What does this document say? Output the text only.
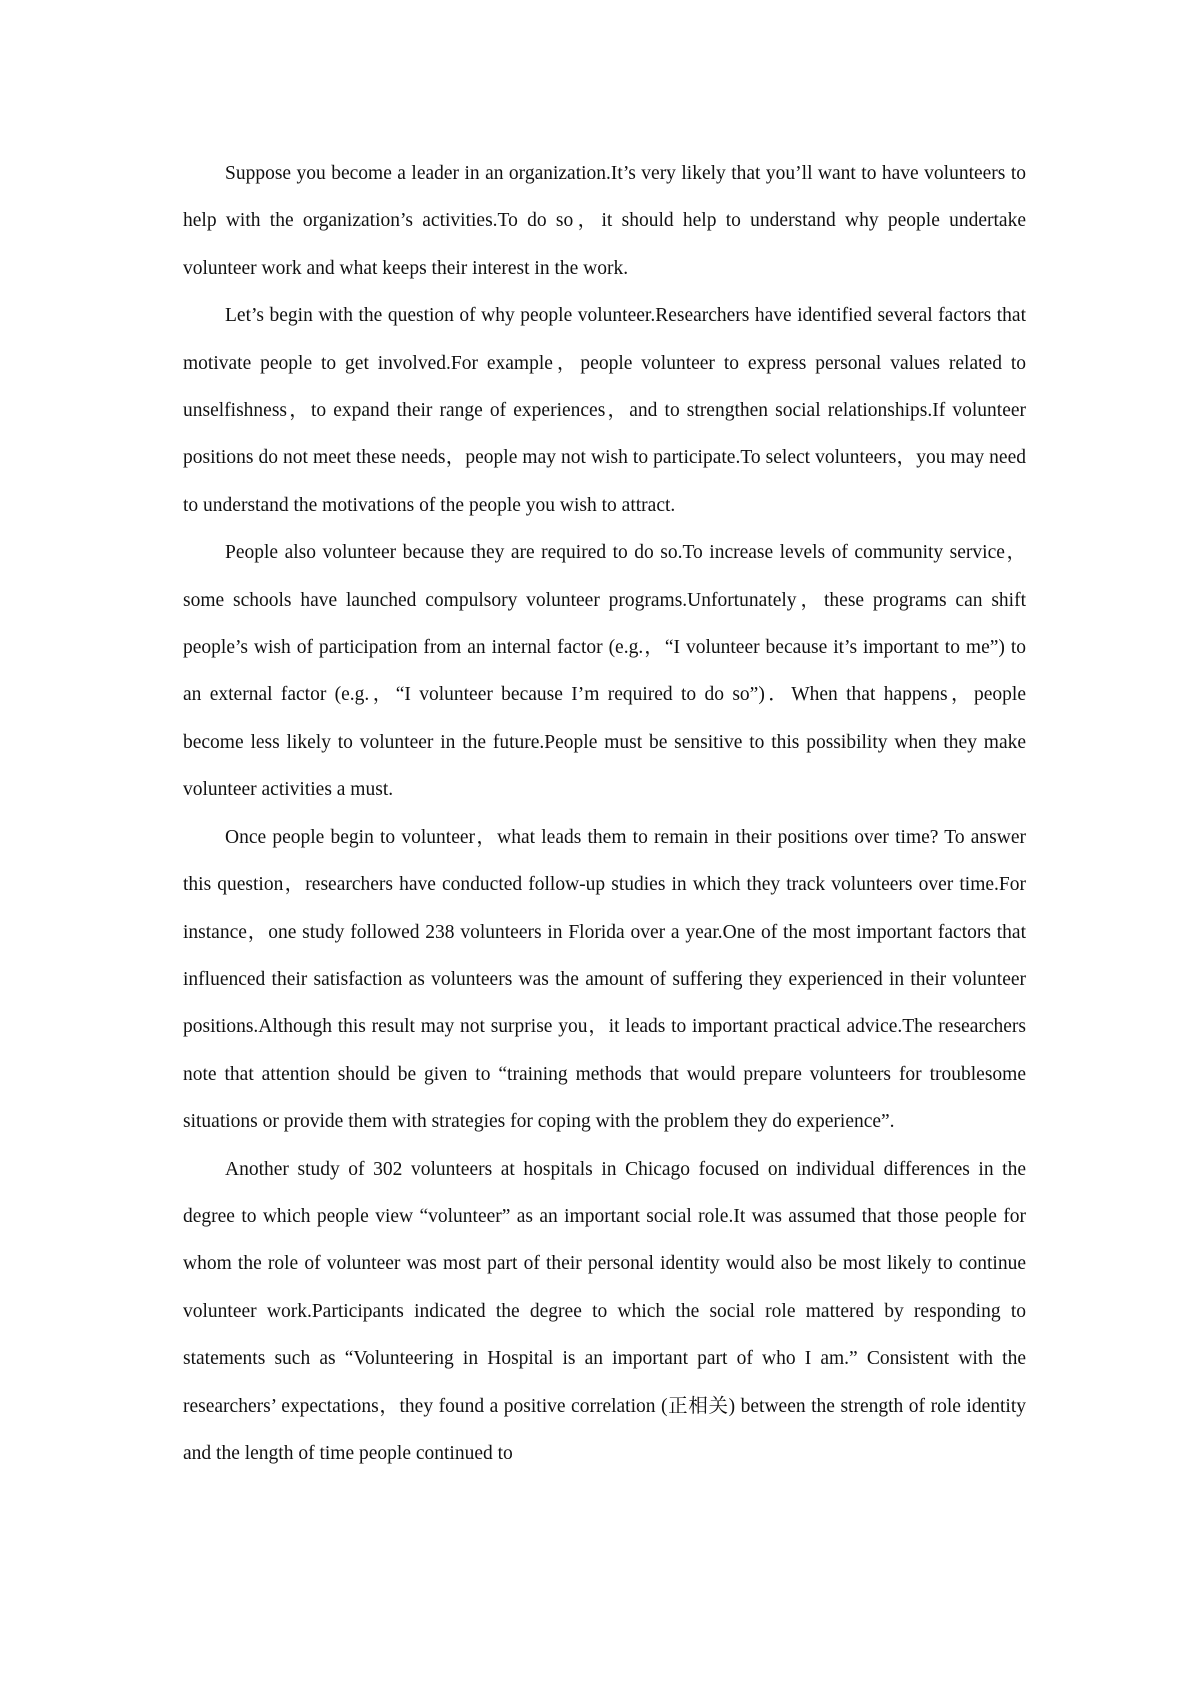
Suppose you become a leader in an organization.It’s very likely that you’ll want to have volunteers to help with the organization’s activities.To do so，it should help to understand why people undertake volunteer work and what keeps their interest in the work.

Let’s begin with the question of why people volunteer.Researchers have identified several factors that motivate people to get involved.For example，people volunteer to express personal values related to unselfishness，to expand their range of experiences，and to strengthen social relationships.If volunteer positions do not meet these needs，people may not wish to participate.To select volunteers，you may need to understand the motivations of the people you wish to attract.

People also volunteer because they are required to do so.To increase levels of community service，some schools have launched compulsory volunteer programs.Unfortunately，these programs can shift people’s wish of participation from an internal factor (e.g.，“I volunteer because it’s important to me”) to an external factor (e.g.，“I volunteer because I’m required to do so”)．When that happens，people become less likely to volunteer in the future.People must be sensitive to this possibility when they make volunteer activities a must.

Once people begin to volunteer，what leads them to remain in their positions over time? To answer this question，researchers have conducted follow-up studies in which they track volunteers over time.For instance，one study followed 238 volunteers in Florida over a year.One of the most important factors that influenced their satisfaction as volunteers was the amount of suffering they experienced in their volunteer positions.Although this result may not surprise you，it leads to important practical advice.The researchers note that attention should be given to “training methods that would prepare volunteers for troublesome situations or provide them with strategies for coping with the problem they do experience”.

Another study of 302 volunteers at hospitals in Chicago focused on individual differences in the degree to which people view “volunteer” as an important social role.It was assumed that those people for whom the role of volunteer was most part of their personal identity would also be most likely to continue volunteer work.Participants indicated the degree to which the social role mattered by responding to statements such as “Volunteering in Hospital is an important part of who I am.” Consistent with the researchers’ expectations，they found a positive correlation (正相关) between the strength of role identity and the length of time people continued to
